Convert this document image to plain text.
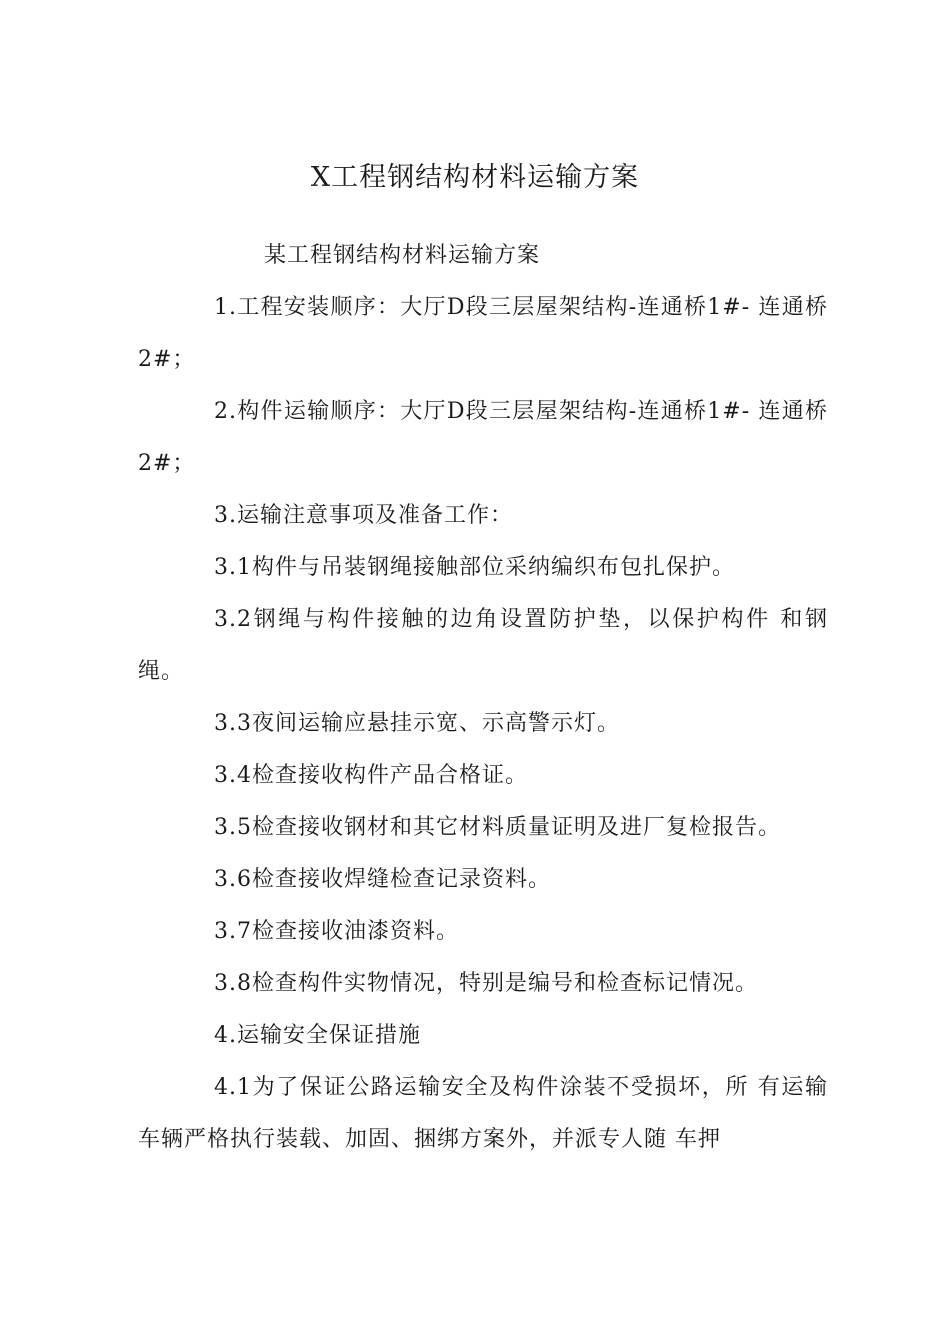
X工程钢结构材料运输方案

某工程钢结构材料运输方案

1.工程安装顺序：大厅D段三层屋架结构-连通桥1#- 连通桥2#；

2.构件运输顺序：大厅D段三层屋架结构-连通桥1#- 连通桥2#；

3.运输注意事项及准备工作：

3.1构件与吊装钢绳接触部位采纳编织布包扎保护。

3.2钢绳与构件接触的边角设置防护垫，以保护构件 和钢绳。

3.3夜间运输应悬挂示宽、示高警示灯。

3.4检查接收构件产品合格证。

3.5检查接收钢材和其它材料质量证明及进厂复检报告。

3.6检查接收焊缝检查记录资料。

3.7检查接收油漆资料。

3.8检查构件实物情况，特别是编号和检查标记情况。

4.运输安全保证措施

4.1为了保证公路运输安全及构件涂装不受损坏，所 有运输车辆严格执行装载、加固、捆绑方案外，并派专人随 车押
